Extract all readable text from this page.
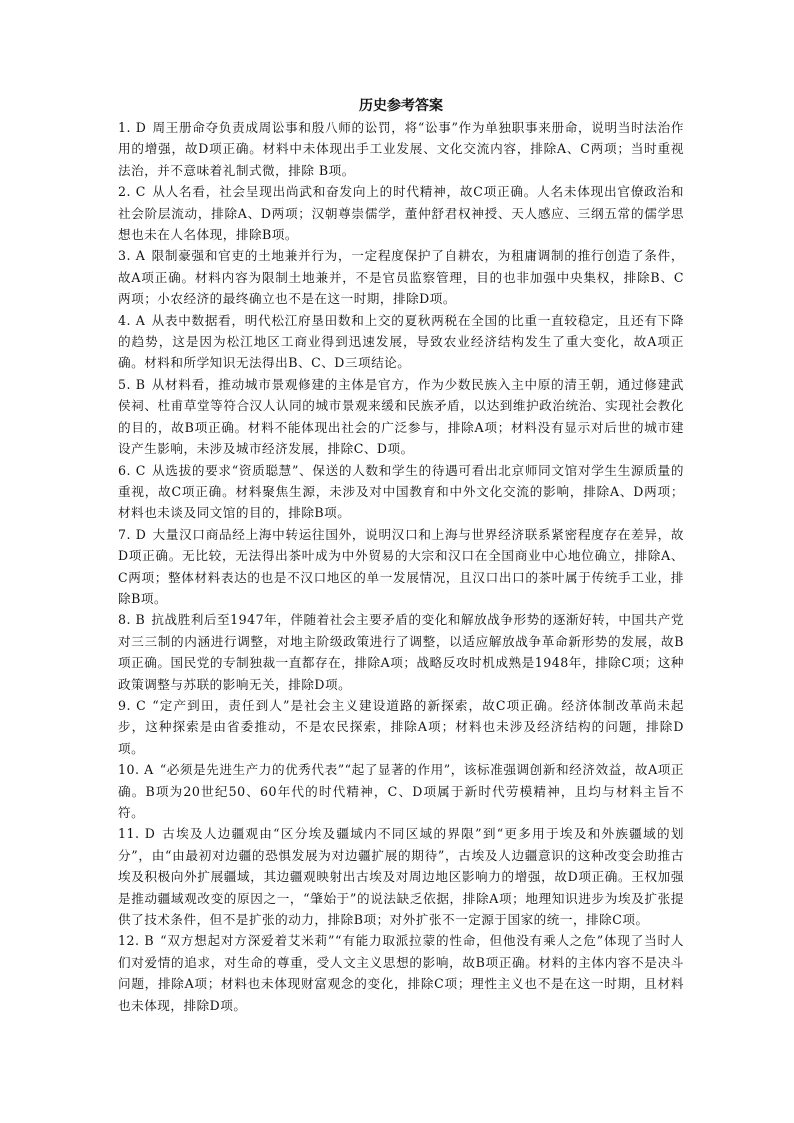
历史参考答案

1. D 周王册命夺负责成周讼事和殷八师的讼罚，将“讼事”作为单独职事来册命，说明当时法治作用的增强，故D项正确。材料中未体现出手工业发展、文化交流内容，排除A、C两项；当时重视法治，并不意味着礼制式微，排除 B项。

2. C 从人名看，社会呈现出尚武和奋发向上的时代精神，故C项正确。人名未体现出官僚政治和社会阶层流动，排除A、D两项；汉朝尊崇儒学，董仲舒君权神授、天人感应、三纲五常的儒学思想也未在人名体现，排除B项。

3. A 限制豪强和官吏的土地兼并行为，一定程度保护了自耕农，为租庸调制的推行创造了条件，故A项正确。材料内容为限制土地兼并，不是官员监察管理，目的也非加强中央集权，排除B、C两项；小农经济的最终确立也不是在这一时期，排除D项。

4. A 从表中数据看，明代松江府垦田数和上交的夏秋两税在全国的比重一直较稳定，且还有下降的趋势，这是因为松江地区工商业得到迅速发展，导致农业经济结构发生了重大变化，故A项正确。材料和所学知识无法得出B、C、D三项结论。

5. B 从材料看，推动城市景观修建的主体是官方，作为少数民族入主中原的清王朝，通过修建武侯祠、杜甫草堂等符合汉人认同的城市景观来缓和民族矛盾，以达到维护政治统治、实现社会教化的目的，故B项正确。材料不能体现出社会的广泛参与，排除A项；材料没有显示对后世的城市建设产生影响，未涉及城市经济发展，排除C、D项。

6. C 从选拔的要求“资质聪慧”、保送的人数和学生的待遇可看出北京师同文馆对学生生源质量的重视，故C项正确。材料聚焦生源，未涉及对中国教育和中外文化交流的影响，排除A、D两项；材料也未谈及同文馆的目的，排除B项。

7. D 大量汉口商品经上海中转运往国外，说明汉口和上海与世界经济联系紧密程度存在差异，故D项正确。无比较，无法得出茶叶成为中外贸易的大宗和汉口在全国商业中心地位确立，排除A、C两项；整体材料表达的也是不汉口地区的单一发展情况，且汉口出口的茶叶属于传统手工业，排除B项。

8. B 抗战胜利后至1947年，伴随着社会主要矛盾的变化和解放战争形势的逐渐好转，中国共产党对三三制的内涵进行调整，对地主阶级政策进行了调整，以适应解放战争革命新形势的发展，故B项正确。国民党的专制独裁一直都存在，排除A项；战略反攻时机成熟是1948年，排除C项；这种政策调整与苏联的影响无关，排除D项。

9. C “定产到田，责任到人”是社会主义建设道路的新探索，故C项正确。经济体制改革尚未起步，这种探索是由省委推动，不是农民探索，排除A项；材料也未涉及经济结构的问题，排除D项。

10. A “必须是先进生产力的优秀代表”“起了显著的作用”，该标准强调创新和经济效益，故A项正确。B项为20世纪50、60年代的时代精神，C、D项属于新时代劳模精神，且均与材料主旨不符。

11. D 古埃及人边疆观由“区分埃及疆域内不同区域的界限”到“更多用于埃及和外族疆域的划分”，由“由最初对边疆的恐惧发展为对边疆扩展的期待”，古埃及人边疆意识的这种改变会助推古埃及积极向外扩展疆域，其边疆观映射出古埃及对周边地区影响力的增强，故D项正确。王权加强是推动疆域观改变的原因之一，“肇始于”的说法缺乏依据，排除A项；地理知识进步为埃及扩张提供了技术条件，但不是扩张的动力，排除B项；对外扩张不一定源于国家的统一，排除C项。

12. B “双方想起对方深爱着艾米莉”“有能力取派拉蒙的性命，但他没有乘人之危”体现了当时人们对爱情的追求，对生命的尊重，受人文主义思想的影响，故B项正确。材料的主体内容不是决斗问题，排除A项；材料也未体现财富观念的变化，排除C项；理性主义也不是在这一时期，且材料也未体现，排除D项。
